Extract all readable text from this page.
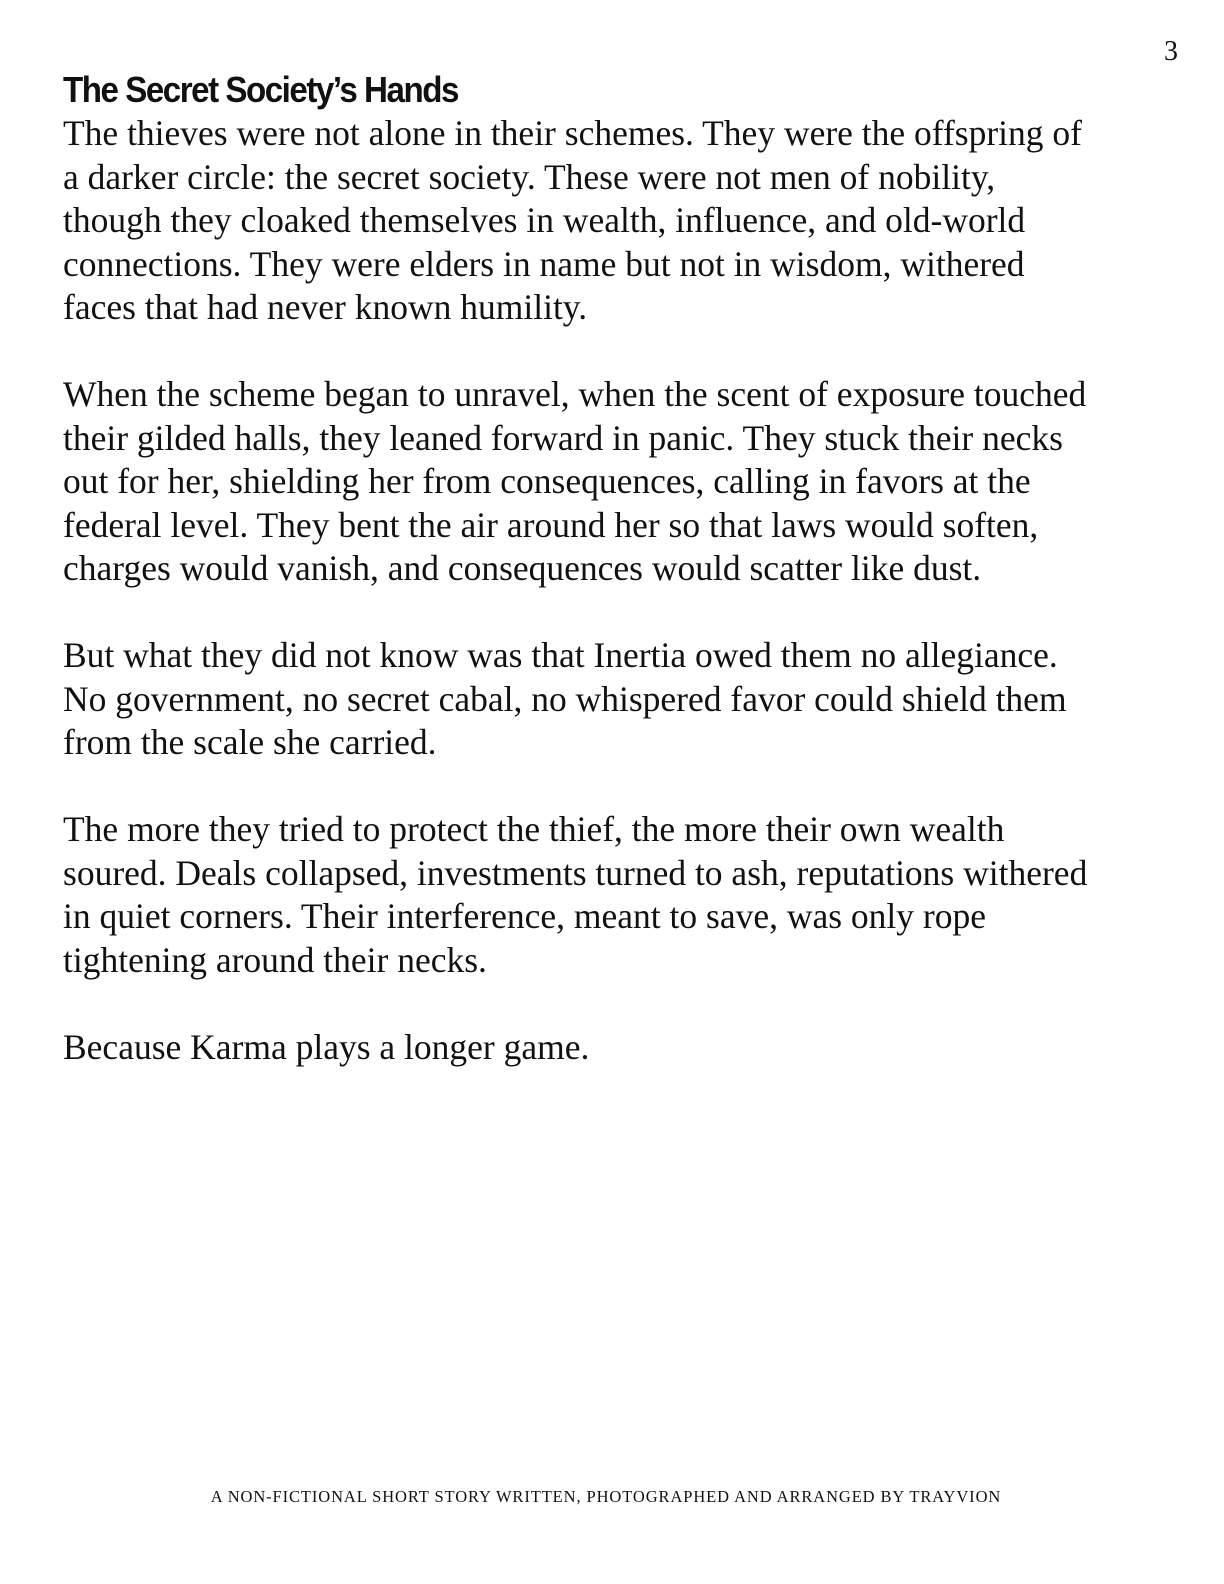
3
The Secret Society’s Hands

The thieves were not alone in their schemes. They were the offspring of
a darker circle: the secret society. These were not men of nobility,
though they cloaked themselves in wealth, influence, and old-world
connections. They were elders in name but not in wisdom, withered
faces that had never known humility.

When the scheme began to unravel, when the scent of exposure touched
their gilded halls, they leaned forward in panic. They stuck their necks
out for her, shielding her from consequences, calling in favors at the
federal level. They bent the air around her so that laws would soften,
charges would vanish, and consequences would scatter like dust.

But what they did not know was that Inertia owed them no allegiance.
No government, no secret cabal, no whispered favor could shield them
from the scale she carried.

The more they tried to protect the thief, the more their own wealth
soured. Deals collapsed, investments turned to ash, reputations withered
in quiet corners. Their interference, meant to save, was only rope
tightening around their necks.

Because Karma plays a longer game.

A NON-FICTIONAL SHORT STORY WRITTEN, PHOTOGRAPHED AND ARRANGED BY TRAYVION
